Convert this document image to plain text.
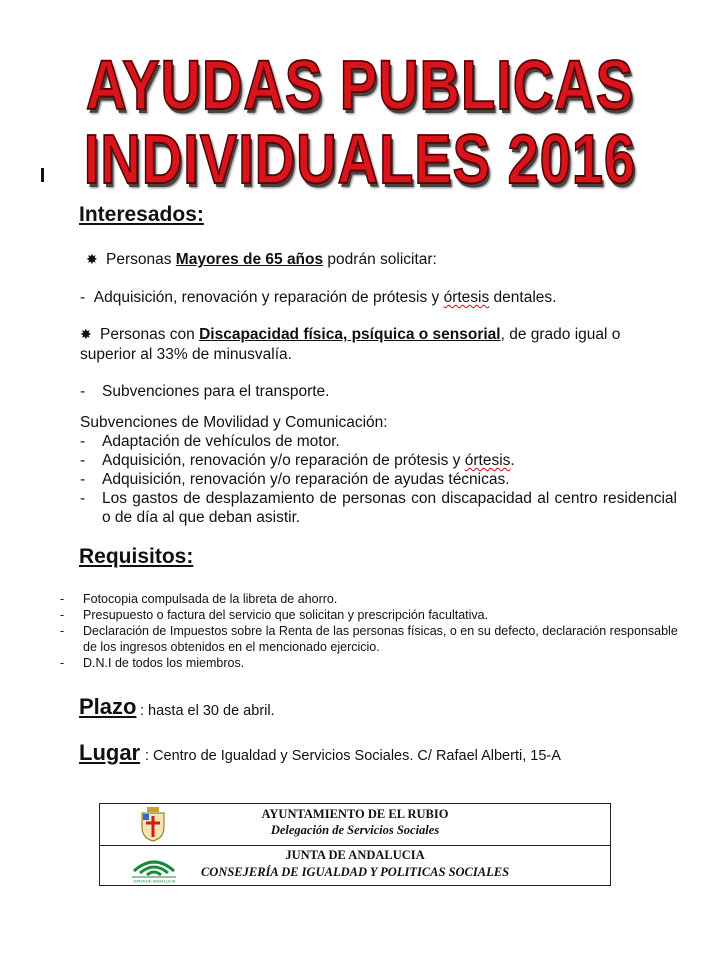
AYUDAS PUBLICAS
INDIVIDUALES 2016
Interesados:
✸ Personas Mayores de 65 años podrán solicitar:
-  Adquisición, renovación y reparación de prótesis y órtesis dentales.
✸ Personas con Discapacidad física, psíquica o sensorial, de grado igual o
superior al 33% de minusvalía.
- Subvenciones para el transporte.
Subvenciones de Movilidad y Comunicación:
- Adaptación de vehículos de motor.
- Adquisición, renovación y/o reparación de prótesis y órtesis.
- Adquisición, renovación y/o reparación de ayudas técnicas.
- Los gastos de desplazamiento de personas con discapacidad al centro residencial o de día al que deban asistir.
Requisitos:
- Fotocopia compulsada de la libreta de ahorro.
- Presupuesto o factura del servicio que solicitan y prescripción facultativa.
- Declaración de Impuestos sobre la Renta de las personas físicas, o en su defecto, declaración responsable de los ingresos obtenidos en el mencionado ejercicio.
- D.N.I de todos los miembros.
Plazo : hasta el 30 de abril.
Lugar : Centro de Igualdad y Servicios Sociales. C/ Rafael Alberti, 15-A
AYUNTAMIENTO DE EL RUBIO
Delegación de Servicios Sociales
JUNTA DE ANDALUCIA
JUNTA DE ANDALUCIA
CONSEJERÍA DE IGUALDAD Y POLITICAS SOCIALES
